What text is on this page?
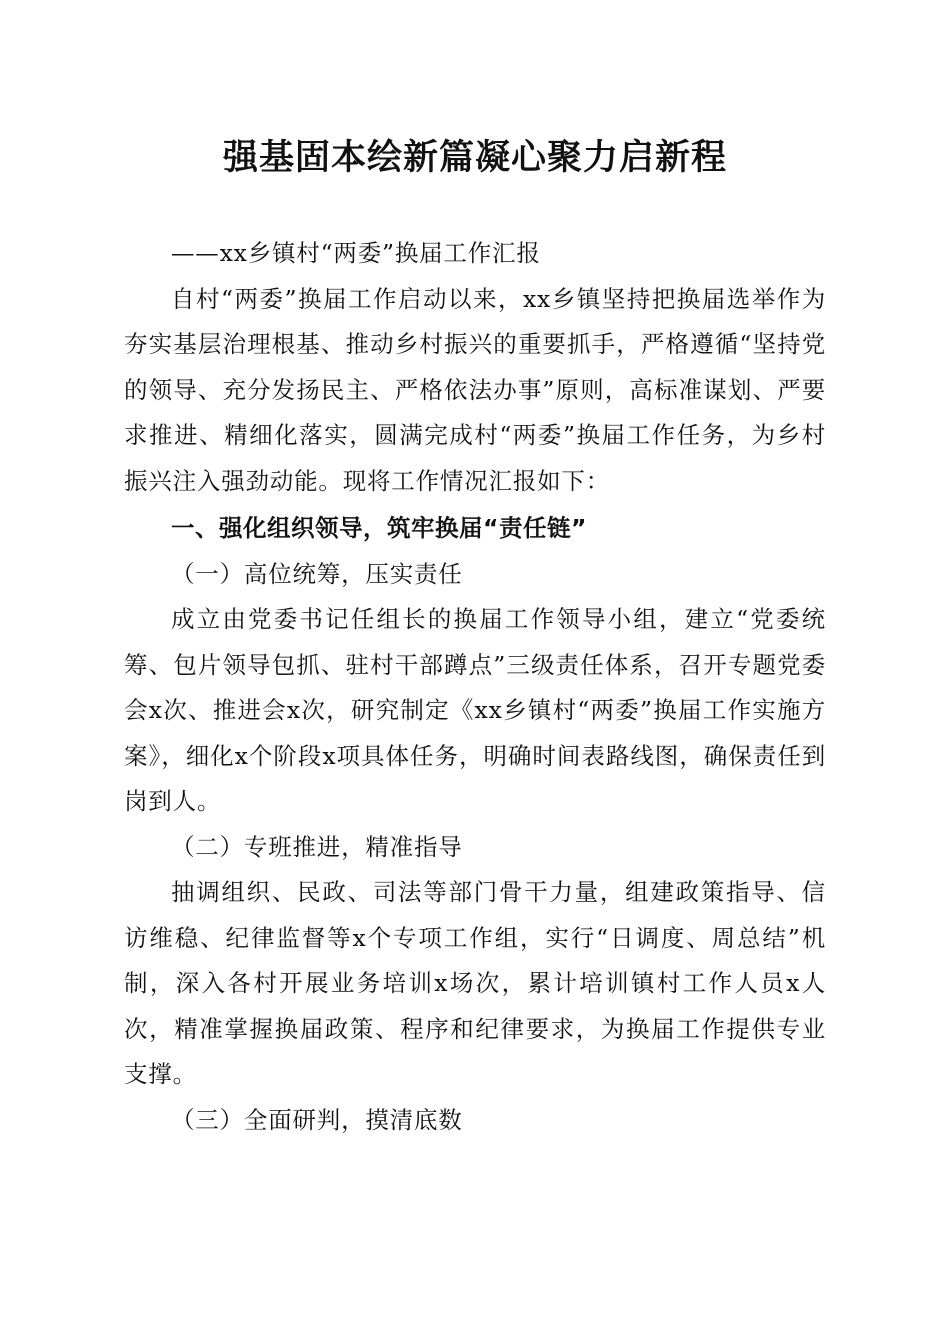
强基固本绘新篇凝心聚力启新程

——xx乡镇村“两委”换届工作汇报

自村“两委”换届工作启动以来，xx乡镇坚持把换届选举作为夯实基层治理根基、推动乡村振兴的重要抓手，严格遵循“坚持党的领导、充分发扬民主、严格依法办事”原则，高标准谋划、严要求推进、精细化落实，圆满完成村“两委”换届工作任务，为乡村振兴注入强劲动能。现将工作情况汇报如下：

一、强化组织领导，筑牢换届“责任链”

（一）高位统筹，压实责任

成立由党委书记任组长的换届工作领导小组，建立“党委统筹、包片领导包抓、驻村干部蹲点”三级责任体系，召开专题党委会x次、推进会x次，研究制定《xx乡镇村“两委”换届工作实施方案》，细化x个阶段x项具体任务，明确时间表路线图，确保责任到岗到人。

（二）专班推进，精准指导

抽调组织、民政、司法等部门骨干力量，组建政策指导、信访维稳、纪律监督等x个专项工作组，实行“日调度、周总结”机制，深入各村开展业务培训x场次，累计培训镇村工作人员x人次，精准掌握换届政策、程序和纪律要求，为换届工作提供专业支撑。

（三）全面研判，摸清底数
